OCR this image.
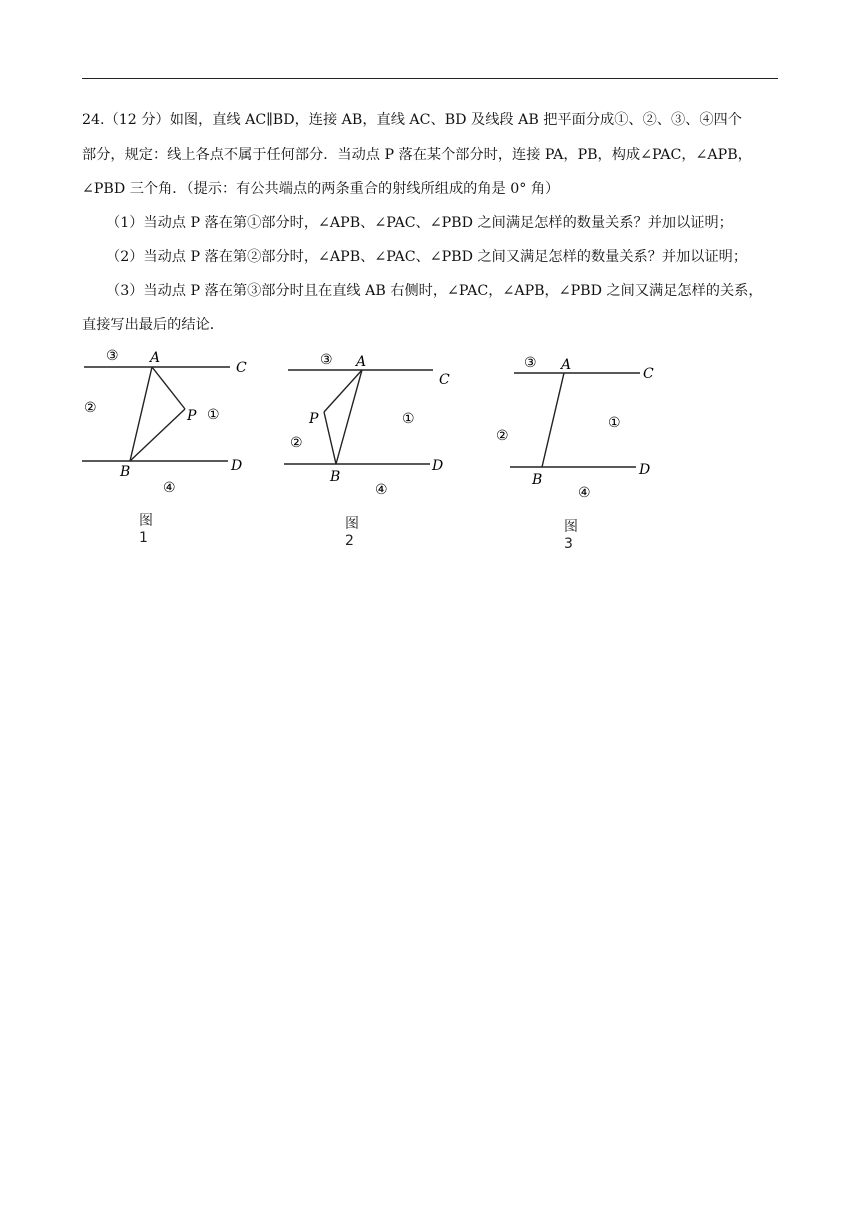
24.（12 分）如图，直线 AC∥BD，连接 AB，直线 AC、BD 及线段 AB 把平面分成①、②、③、④四个
部分，规定：线上各点不属于任何部分．当动点 P 落在某个部分时，连接 PA，PB，构成∠PAC，∠APB，
∠PBD 三个角．（提示：有公共端点的两条重合的射线所组成的角是 0° 角）
（1）当动点 P 落在第①部分时，∠APB、∠PAC、∠PBD 之间满足怎样的数量关系？并加以证明；
（2）当动点 P 落在第②部分时，∠APB、∠PAC、∠PBD 之间又满足怎样的数量关系？并加以证明；
（3）当动点 P 落在第③部分时且在直线 AB 右侧时，∠PAC，∠APB，∠PBD 之间又满足怎样的关系，
直接写出最后的结论．
A
C
B	D
P ①
②
③
④
图1
A
C
B
D
P	①
②
③
④
图2
A
C
B
D
①
②
③
④
图3
